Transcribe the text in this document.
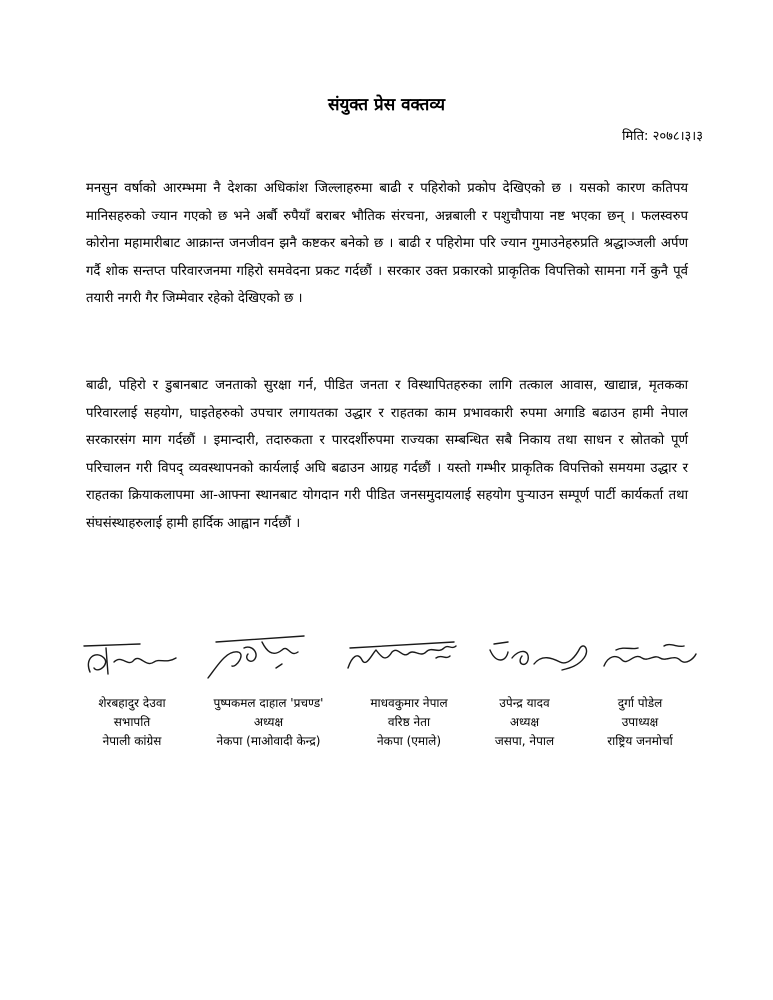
संयुक्त प्रेस वक्तव्य
मिति: २०७८।३।३

मनसुन वर्षाको आरम्भमा नै देशका अधिकांश जिल्लाहरुमा बाढी र पहिरोको प्रकोप देखिएको छ । यसको कारण कतिपय मानिसहरुको ज्यान गएको छ भने अर्बौ रुपैयाँ बराबर भौतिक संरचना, अन्नबाली र पशुचौपाया नष्ट भएका छन् । फलस्वरुप कोरोना महामारीबाट आक्रान्त जनजीवन झनै कष्टकर बनेको छ । बाढी र पहिरोमा परि ज्यान गुमाउनेहरुप्रति श्रद्धाञ्जली अर्पण गर्दै शोक सन्तप्त परिवारजनमा गहिरो समवेदना प्रकट गर्दछौं । सरकार उक्त प्रकारको प्राकृतिक विपत्तिको सामना गर्ने कुनै पूर्व तयारी नगरी गैर जिम्मेवार रहेको देखिएको छ ।

बाढी, पहिरो र डुबानबाट जनताको सुरक्षा गर्न, पीडित जनता र विस्थापितहरुका लागि तत्काल आवास, खाद्यान्न, मृतकका परिवारलाई सहयोग, घाइतेहरुको उपचार लगायतका उद्धार र राहतका काम प्रभावकारी रुपमा अगाडि बढाउन हामी नेपाल सरकारसंग माग गर्दछौं । इमान्दारी, तदारुकता र पारदर्शीरुपमा राज्यका सम्बन्धित सबै निकाय तथा साधन र स्रोतको पूर्ण परिचालन गरी विपद् व्यवस्थापनको कार्यलाई अघि बढाउन आग्रह गर्दछौं । यस्तो गम्भीर प्राकृतिक विपत्तिको समयमा उद्धार र राहतका क्रियाकलापमा आ-आफ्ना स्थानबाट योगदान गरी पीडित जनसमुदायलाई सहयोग पुऱ्याउन सम्पूर्ण पार्टी कार्यकर्ता तथा संघसंस्थाहरुलाई हामी हार्दिक आह्वान गर्दछौं ।

शेरबहादुर देउवा
सभापति
नेपाली कांग्रेस
पुष्पकमल दाहाल 'प्रचण्ड'
अध्यक्ष
नेकपा (माओवादी केन्द्र)
माधवकुमार नेपाल
वरिष्ठ नेता
नेकपा (एमाले)
उपेन्द्र यादव
अध्यक्ष
जसपा, नेपाल
दुर्गा पोडेल
उपाध्यक्ष
राष्ट्रिय जनमोर्चा
